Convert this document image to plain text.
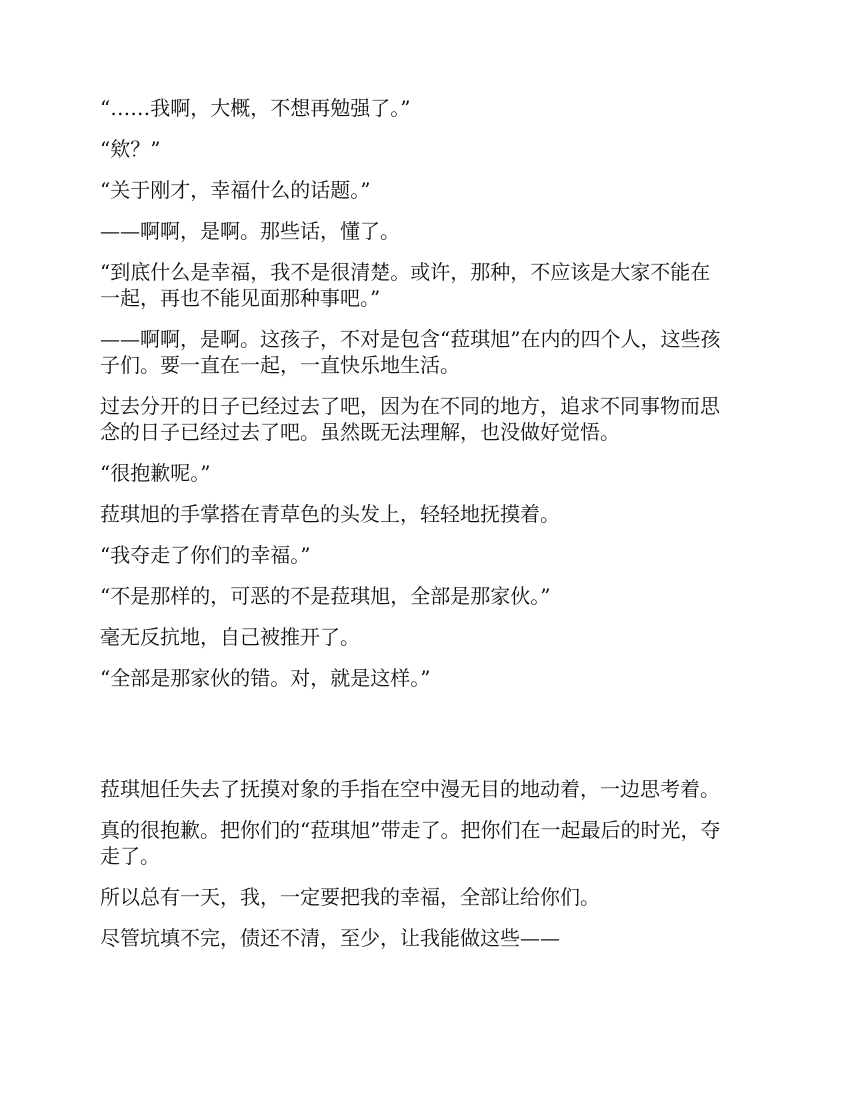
“……我啊，大概，不想再勉强了。”

“欸？”

“关于刚才，幸福什么的话题。”

——啊啊，是啊。那些话，懂了。

“到底什么是幸福，我不是很清楚。或许，那种，不应该是大家不能在
一起，再也不能见面那种事吧。”

——啊啊，是啊。这孩子，不对是包含“菈琪旭”在内的四个人，这些孩
子们。要一直在一起，一直快乐地生活。

过去分开的日子已经过去了吧，因为在不同的地方，追求不同事物而思
念的日子已经过去了吧。虽然既无法理解，也没做好觉悟。

“很抱歉呢。”

菈琪旭的手掌搭在青草色的头发上，轻轻地抚摸着。

“我夺走了你们的幸福。”

“不是那样的，可恶的不是菈琪旭，全部是那家伙。”

毫无反抗地，自己被推开了。

“全部是那家伙的错。对，就是这样。”

菈琪旭任失去了抚摸对象的手指在空中漫无目的地动着，一边思考着。

真的很抱歉。把你们的“菈琪旭”带走了。把你们在一起最后的时光，夺
走了。

所以总有一天，我，一定要把我的幸福，全部让给你们。

尽管坑填不完，债还不清，至少，让我能做这些——
